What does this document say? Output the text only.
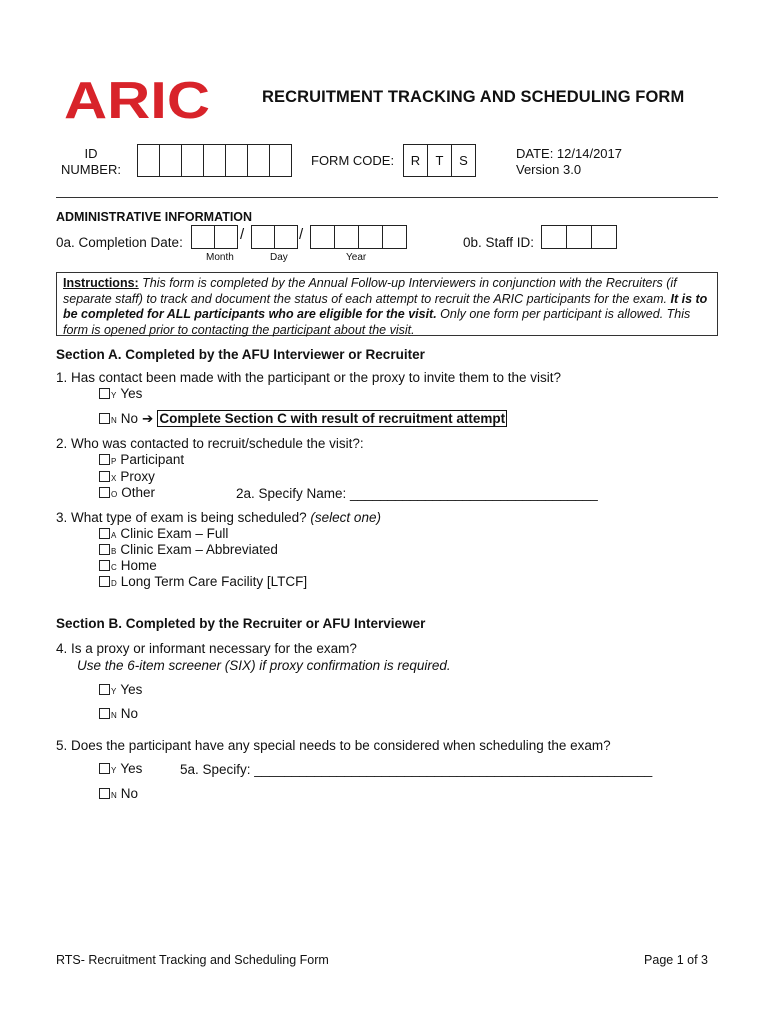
ARIC	RECRUITMENT TRACKING AND SCHEDULING FORM
ID
NUMBER:
FORM CODE:	R	T	S	DATE: 12/14/2017
Version 3.0
ADMINISTRATIVE INFORMATION
0a. Completion Date:	/	/
Month	Day	Year
0b. Staff ID:
Instructions: This form is completed by the Annual Follow-up Interviewers in conjunction with the Recruiters (if separate staff) to track and document the status of each attempt to recruit the ARIC participants for the exam. It is to be completed for ALL participants who are eligible for the visit. Only one form per participant is allowed. This form is opened prior to contacting the participant about the visit.
Section A. Completed by the AFU Interviewer or Recruiter
1. Has contact been made with the participant or the proxy to invite them to the visit?
Y Yes
N No ➔ Complete Section C with result of recruitment attempt
2. Who was contacted to recruit/schedule the visit?:
P Participant
X Proxy
O Other	2a. Specify Name: _________________________________
3. What type of exam is being scheduled? (select one)
A Clinic Exam – Full
B Clinic Exam – Abbreviated
C Home
D Long Term Care Facility [LTCF]
Section B. Completed by the Recruiter or AFU Interviewer
4. Is a proxy or informant necessary for the exam?
Use the 6-item screener (SIX) if proxy confirmation is required.
Y Yes
N No
5. Does the participant have any special needs to be considered when scheduling the exam?
Y Yes	5a. Specify: _____________________________________________________
N No
RTS- Recruitment Tracking and Scheduling Form	Page 1 of 3
